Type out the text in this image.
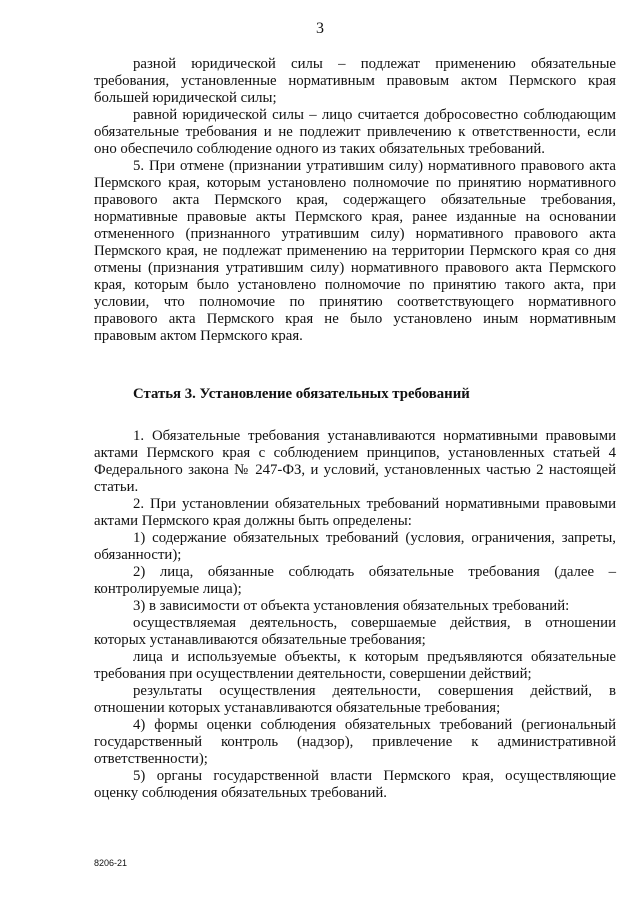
3

разной юридической силы – подлежат применению обязательные требования, установленные нормативным правовым актом Пермского края большей юридической силы;

равной юридической силы – лицо считается добросовестно соблюдающим обязательные требования и не подлежит привлечению к ответственности, если оно обеспечило соблюдение одного из таких обязательных требований.

5. При отмене (признании утратившим силу) нормативного правового акта Пермского края, которым установлено полномочие по принятию нормативного правового акта Пермского края, содержащего обязательные требования, нормативные правовые акты Пермского края, ранее изданные на основании отмененного (признанного утратившим силу) нормативного правового акта Пермского края, не подлежат применению на территории Пермского края со дня отмены (признания утратившим силу) нормативного правового акта Пермского края, которым было установлено полномочие по принятию такого акта, при условии, что полномочие по принятию соответствующего нормативного правового акта Пермского края не было установлено иным нормативным правовым актом Пермского края.

Статья 3. Установление обязательных требований

1. Обязательные требования устанавливаются нормативными правовыми актами Пермского края с соблюдением принципов, установленных статьей 4 Федерального закона № 247-ФЗ, и условий, установленных частью 2 настоящей статьи.

2. При установлении обязательных требований нормативными правовыми актами Пермского края должны быть определены:

1) содержание обязательных требований (условия, ограничения, запреты, обязанности);

2) лица, обязанные соблюдать обязательные требования (далее – контролируемые лица);

3) в зависимости от объекта установления обязательных требований:

осуществляемая деятельность, совершаемые действия, в отношении которых устанавливаются обязательные требования;

лица и используемые объекты, к которым предъявляются обязательные требования при осуществлении деятельности, совершении действий;

результаты осуществления деятельности, совершения действий, в отношении которых устанавливаются обязательные требования;

4) формы оценки соблюдения обязательных требований (региональный государственный контроль (надзор), привлечение к административной ответственности);

5) органы государственной власти Пермского края, осуществляющие оценку соблюдения обязательных требований.

8206-21
